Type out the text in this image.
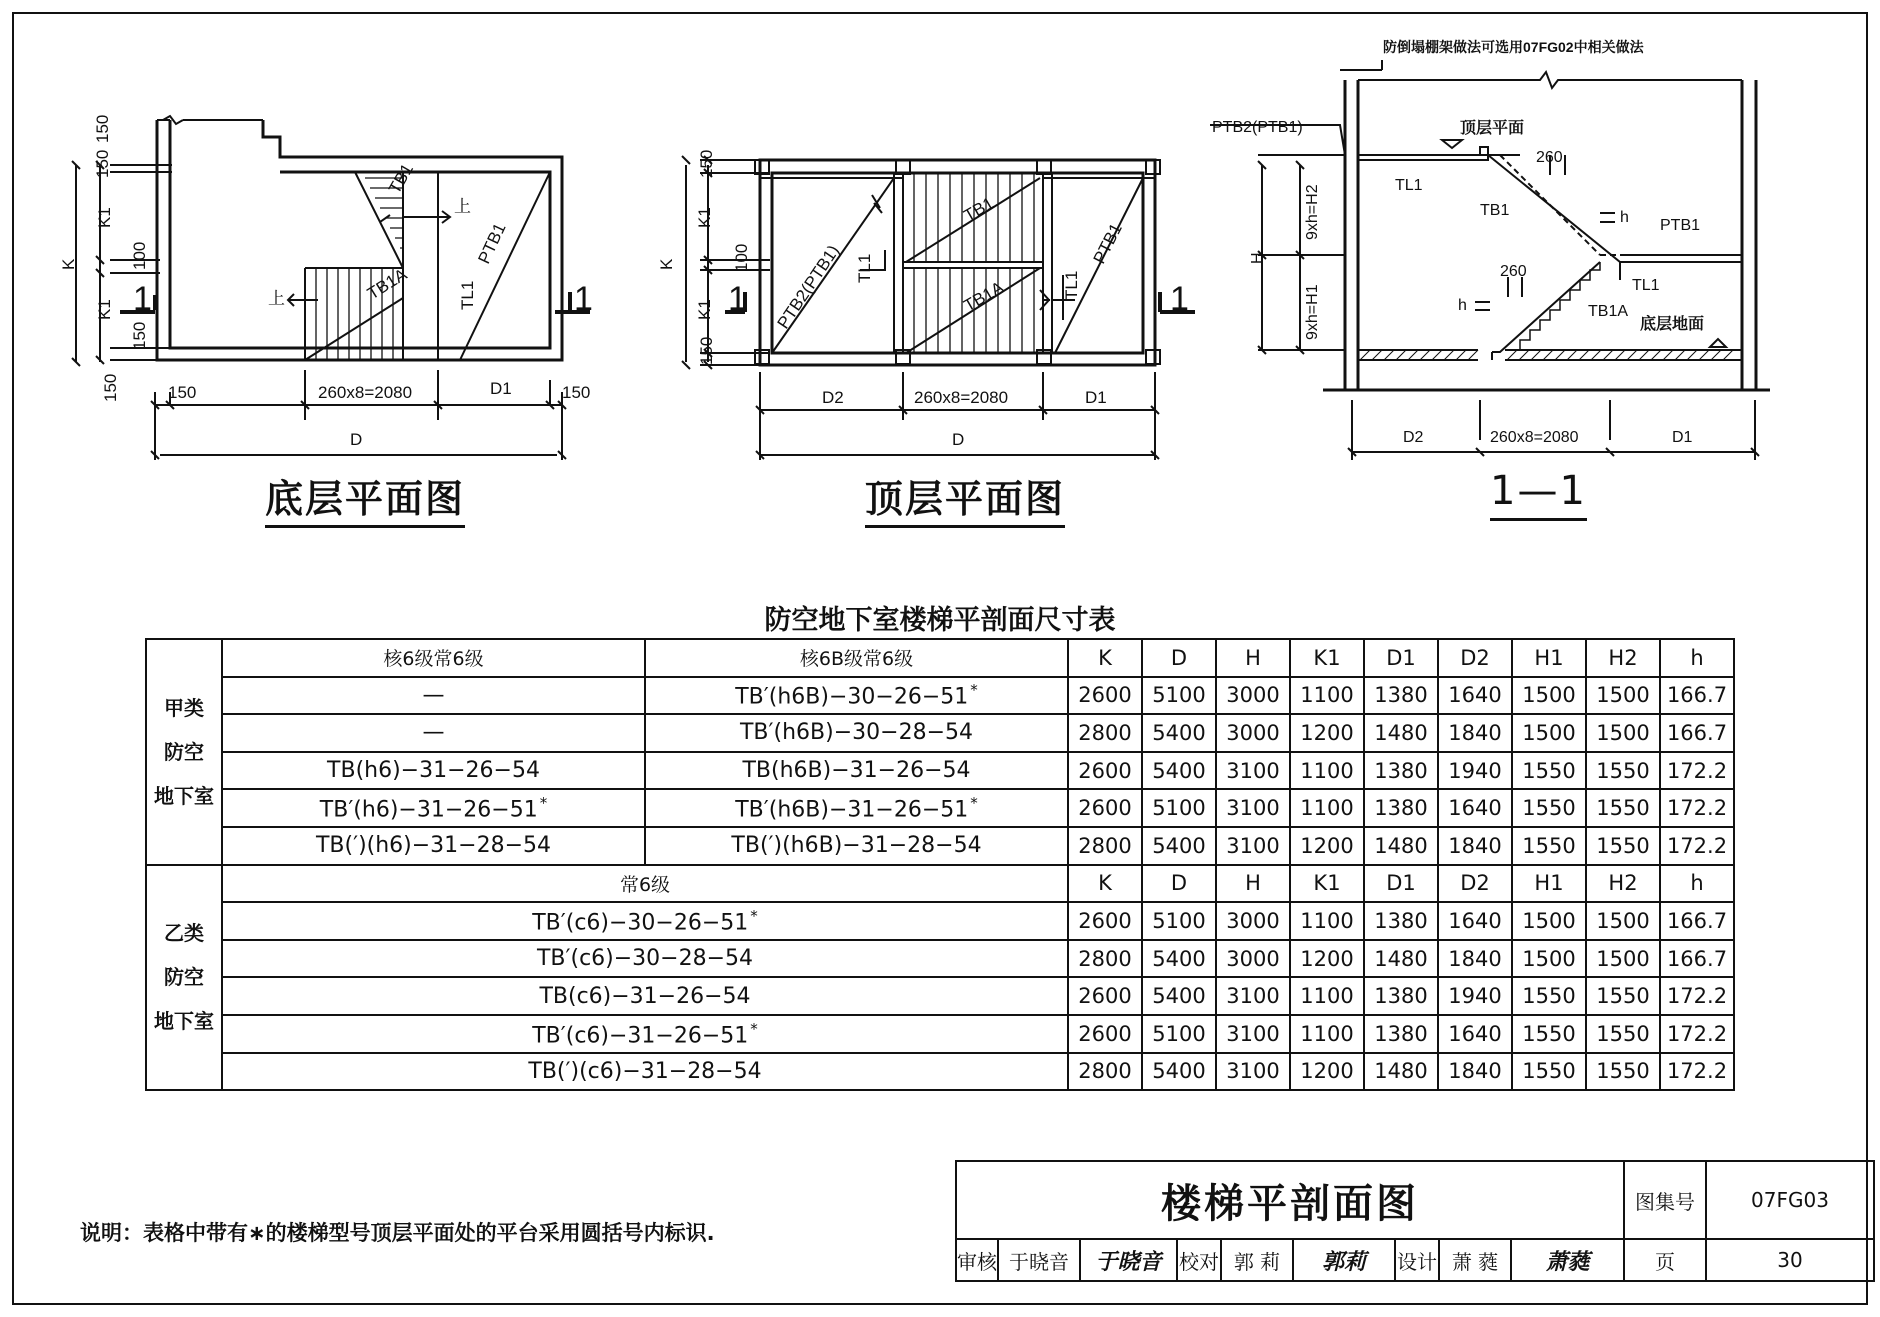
TB1
TB1A
PTB1
TL1
上
上
K
K1
K1
150
150
100
150
150	150	150
260x8=2080	D1
D
1	1	PTB2(PTB1)	PTB1
TB1
TB1A
TL1
TL1
K
K1
K1
150
100
150
D2	260x8=2080	D1
D
1	1
防倒塌棚架做法可选用07FG02中相关做法
PTB2(PTB1)	顶层平面
260
260
h
h
TL1
TB1
PTB1
TL1
TB1A
底层地面
H
9xh=H2
9xh=H1
D2	260x8=2080	D1
底层平面图	顶层平面图	1—1
防空地下室楼梯平剖面尺寸表
甲类
防空
地下室	核6级常6级	核6B级常6级	K	D	H	K1	D1	D2	H1	H2	h
	—	TB′(h6B)−30−26−51 *	2600	5100	3000	1100	1380	1640	1500	1500	166.7
	—	TB′(h6B)−30−28−54	2800	5400	3000	1200	1480	1840	1500	1500	166.7
	TB(h6)−31−26−54	TB(h6B)−31−26−54	2600	5400	3100	1100	1380	1940	1550	1550	172.2
	TB′(h6)−31−26−51 *	TB′(h6B)−31−26−51 *	2600	5100	3100	1100	1380	1640	1550	1550	172.2
	TB(′)(h6)−31−28−54	TB(′)(h6B)−31−28−54	2800	5400	3100	1200	1480	1840	1550	1550	172.2

乙类
防空
地下室	常6级		K	D	H	K1	D1	D2	H1	H2	h
	TB′(c6)−30−26−51 *		2600	5100	3000	1100	1380	1640	1500	1500	166.7
	TB′(c6)−30−28−54		2800	5400	3000	1200	1480	1840	1500	1500	166.7
	TB(c6)−31−26−54		2600	5400	3100	1100	1380	1940	1550	1550	172.2
	TB′(c6)−31−26−51 *		2600	5100	3100	1100	1380	1640	1550	1550	172.2
	TB(′)(c6)−31−28−54		2800	5400	3100	1200	1480	1840	1550	1550	172.2
说明：表格中带有∗的楼梯型号顶层平面处的平台采用圆括号内标识.
楼梯平剖面图									图集号	07FG03
审核	于晓音	于晓音	校对	郭 莉	郭莉	设计	萧 蕤	萧蕤	页	30
